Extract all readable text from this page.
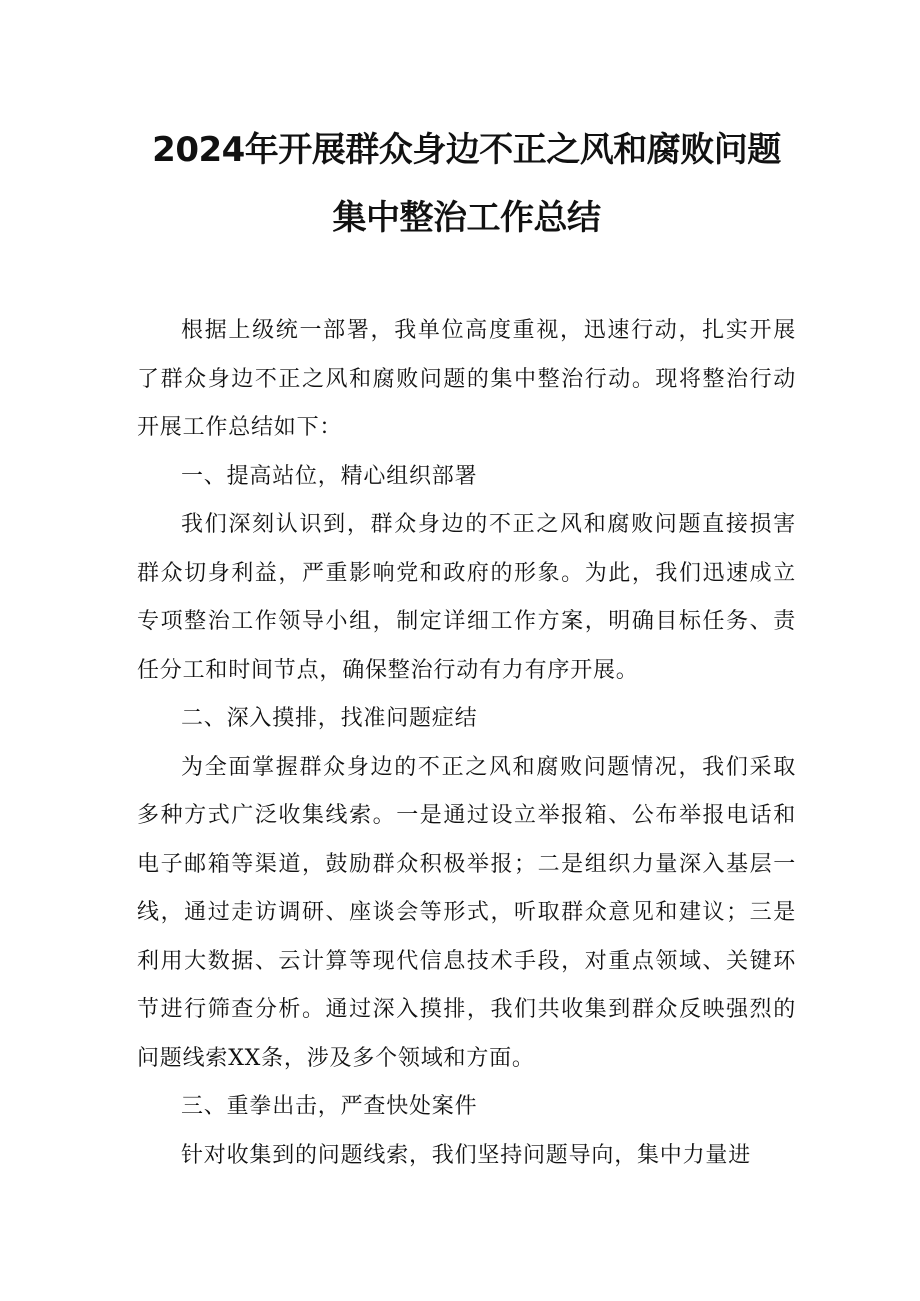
2024年开展群众身边不正之风和腐败问题
集中整治工作总结

根据上级统一部署，我单位高度重视，迅速行动，扎实开展了群众身边不正之风和腐败问题的集中整治行动。现将整治行动开展工作总结如下：

一、提高站位，精心组织部署

我们深刻认识到，群众身边的不正之风和腐败问题直接损害群众切身利益，严重影响党和政府的形象。为此，我们迅速成立专项整治工作领导小组，制定详细工作方案，明确目标任务、责任分工和时间节点，确保整治行动有力有序开展。

二、深入摸排，找准问题症结

为全面掌握群众身边的不正之风和腐败问题情况，我们采取多种方式广泛收集线索。一是通过设立举报箱、公布举报电话和电子邮箱等渠道，鼓励群众积极举报；二是组织力量深入基层一线，通过走访调研、座谈会等形式，听取群众意见和建议；三是利用大数据、云计算等现代信息技术手段，对重点领域、关键环节进行筛查分析。通过深入摸排，我们共收集到群众反映强烈的问题线索XX条，涉及多个领域和方面。

三、重拳出击，严查快处案件

针对收集到的问题线索，我们坚持问题导向，集中力量进
